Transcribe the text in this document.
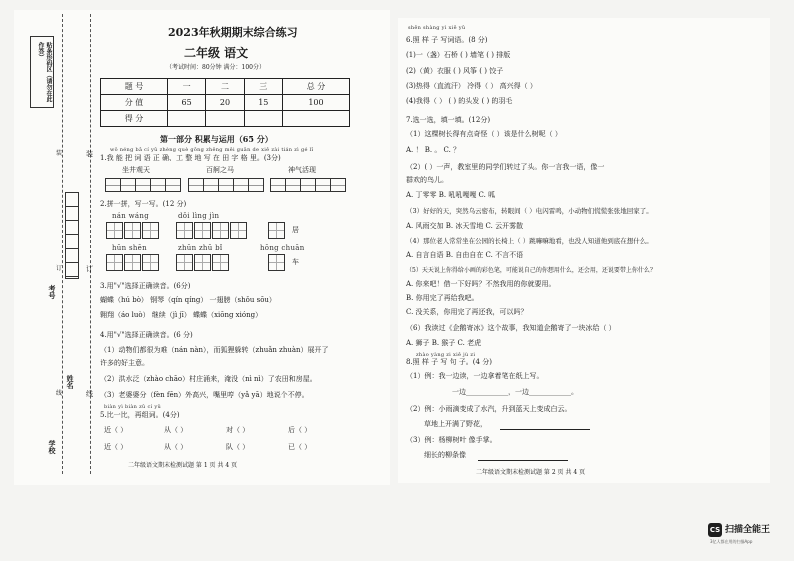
贴条形码区（请勿在此作答）
装
订
线
装
订
线
考号
姓名
学校
2023年秋期期末综合练习
二年级 语文
（考试时间：80分钟 满分：100分）
题 号	一	二	三	总 分
分 值	65	20	15	100
得 分				
第一部分 积累与运用（65 分）
wǒ néng bǎ cí yǔ zhèng què gōng zhěng měi guān de xiě zài tián zì gé lǐ
1.我 能 把 词 语 正 确、工 整 地 写 在 田 字 格 里。(3分)
坐井观天	百舸之马	神气活现
2.拼一拼，写一写。(12 分)
nán wáng	dǒi lìng jìn
居
hūn shēn	zhūn zhū bǐ	hōng chuān
车
3.用"√"选择正确读音。(6分)
蝴蝶（hú bò） 钢琴（qín qíng） 一翅膀（shǒu sōu）
翱翔（áo luò） 继续（jì jī） 蝶蝶（xiōng xióng）
4.用"√"选择正确读音。(6 分)
（1）动物们都很为难（nán nàn），而狐狸躲转（zhuǎn zhuàn）展开了
许多的好主意。
（2）洪水泛（zhào chāo）村庄涌来，淹没（nì nì）了农田和房屋。
（3）老婆婆分（fèn fēn）外高兴，嘴里哼（yǎ yā）地说个不停。
biàn yì biàn zǔ cí yǔ
5.比一比，再组词。(4分)
近（ ）	从（ ）	对（ ）	后（ ）
近（ ）	从（ ）	队（ ）	已（ ）
二年级语文期末检测试题 第 1 页 共 4 页
shēn shàng yì xiē yǔ
6.照 样 子 写词语。(8 分)
(1)一（盏）石桥 ( ) 墙笔 ( ) 排版
(2)（黄）衣服 ( ) 风筝 ( ) 饺子
(3)热得（直流汗） 冷得（ ） 高兴得（ ）
(4)我得（ ） ( ) 的头发 ( ) 的羽毛
7.选一选，填一填。(12分)
（1）这棵树长得有点奇怪（ ）该是什么树呢（ ）
A. ！ B. 。 C. ？
（2）( ）一声，教室里的同学们转过了头。你一言我一语，像一
群欢的鸟儿。
A. 丁零零 B. 吼吼嘎嘎 C. 呱
（3）好好的天，突然乌云密布，转眼间（ ）电闪雷鸣，小动物们慌慌张张地回家了。
A. 风雨交加 B. 冰天雪地 C. 云开雾散
（4）那位老人常常坐在公园的长椅上（ ）跳嘛嘛地看，也没人知道他到底在想什么。
A. 自言自语 B. 自由自在 C. 不言不语
（5）天天说上你得给小画的彩色笔，可能说自己的你想用什么，还会用，还说要带上你什么？
A. 你来吧！借一下好吗？不然我用的你就要用。
B. 你用完了再给我吧。
C. 没关系，你用完了再还我，可以吗？
（6）我读过《企鹅寄冰》这个故事，我知道企鹅寄了一块冰给（ ）
A. 狮子 B. 猴子 C. 老虎
zhào yàng zi xiě jù zi
8.照 样 子 写 句 子。(4 分)
（1）例：我一边读，一边拿着笔在纸上写。
一边____________，一边____________。
（2）例：小雨滴变成了水汽，升到蓝天上变成白云。
草地上开满了野花，
（3）例：杨柳树叶 像手掌。
细长的柳条像
二年级语文期末检测试题 第 2 页 共 4 页
CS 扫描全能王
3亿人都在用的扫描App
